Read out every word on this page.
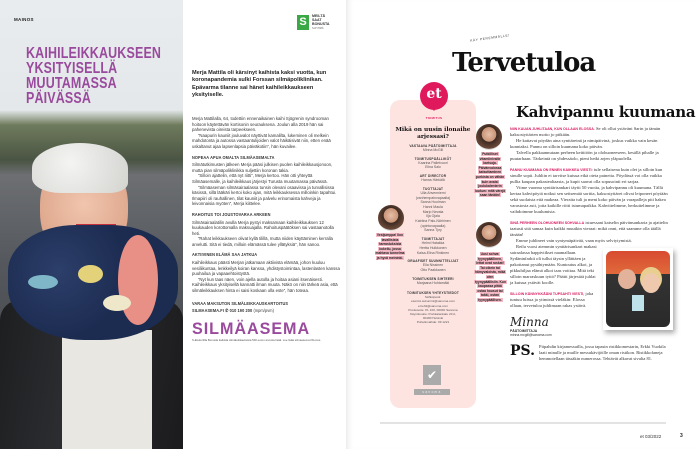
MAINOS
KAIHILEIKKAUKSEEN
YKSITYISELLÄ
MUUTAMASSA PÄIVÄSSÄ
S	MEILTÄ SAAT BONUSTA
S-RYHMÄ
Merja Mattila oli kärsinyt kaihista kaksi vuotta, kun koronapandemia sulki Forssan silmäpoliklinikan. Epävarma tilanne sai hänet kaihileikkaukseen yksityiselle.

Merja Mattilalla, 64, todettiin ennenaikainen kaihi Sjögrenin syndrooman hoitoon käytettävän kortisonin seurauksena. Joulun alla 2019 hän sai pahenevista oireista tarpeekseen.

”Naapurin kauniit jouluvalot näyttivät kamalilta, lukeminen oli melkein mahdotonta ja autossa vastaantulijoiden valot häikäisivät niin, etten enää uskaltanut ajaa lapsenlapsia päiväkotiin”, hän kuvailee.

NOPEAA APUA OMALTA SILMÄASEMALTA

Silmätutkimusten jälkeen Merja pääsi julkisen puolen kaihileikkausjonoon, mutta pian silmäpoliklinikka suljettiin koronan takia.

”Silloin ajattelin, että nyt riitti”, Merja kertoo. Hän otti yhteyttä Silmäasemalle, ja kaihileikkaus järjestyi Turusta muutamassa päivässä.

”Silmäaseman silmäsairaalassa tunsin olevani osaavissa ja turvallisissa käsissä, sillä lääkäri kertoi koko ajan, mitä leikkauksessa milloinkin tapahtui. Ilmapiiri oli rauhallinen, tilat kauniit ja palvelu erinomaista kahveja ja leivonnaisia myöten”, Merja kiittelee.

RAHOITUS TOI JOUSTOVARAA ARKEEN

Silmäsairaalatilin avulla Merja pystyi maksamaan kaihileikkauksen 12 kuukauden korottomalla maksuajalla. Rahoituspäätöksen sai vastaanotolla heti.

”Rahat leikkaukseen olivat kyllä tilillä, mutta niiden käyttäminen kerralla arvelutti. Sitä ei tiedä, milloin elämässä tulee yllätyksiä”, hän sanoo.

AKTIIVINEN ELÄMÄ SAA JATKUA

Kaihileikkaus päästi Merjan jatkamaan aktiivista elämää, johon kuuluu vesiliikuntaa, lenkkeilyä koiran kanssa, yhdistystoimintaa, lastenlasten kanssa puuhailua ja vapaaehtoistyötä.

”Nyt kun taas näen, voin ajella autolla ja hoitaa asiani itsenäisesti. Kaihileikkaus yksityisellä kannatti ilman muuta. Näkö on niin tärkeä asia, että silmäleikkauksen hinta ei saisi koskaan olla este”, hän toteaa.

VARAA MAKSUTON SILMÄLEIKKAUSKARTOITUS
SILMAASEMA.FI ✆ 010 190 200 (mpm/pvm)
SILMÄASEMA
S-Etukortilla Bonusta kaikista silmäleikkauksista 500 euron arvosta lisää. Lue lisää silmaasema.fi/bonus.
KÄY PEREMMÄLLE!
Tervetuloa
et
TOIMITUS
Mikä on uusin ilonaihe arjessasi?
VASTAAVA PÄÄTOIMITTAJA
Minna McGill
TOIMITUSPÄÄLLIKÖT
Kaarina Palletvuori
Elina Salo
ART DIRECTOR
Hanna Härkälä
TUOTTAJAT
Ulla Ahvenniemi
(vanhempainvapaalla)
Sanna Huolman
Hanni Maula
Marjo Nevala
Ilja Ojala
Katriina Palo-Närhinen
(opintovapaalla)
Sanna Tyry
TOIMITTAJAT
Helmi Hatakka
Hertta Hulkkonen
Kaisa-Elina Rinkinen
GRAAFISET SUUNNITTELIJAT
Ella Nissinen
Otto Paakkanen
TOIMITUKSEN SIHTEERI
Marjaana Huhtamäki
TOIMITUKSEN YHTEYSTIEDOT
Sähköposti:
etunimi.sukunimi@sanoma.com
et.lehti@sanoma.com
Postiosoite: PL 100, 00040 Sanoma
Käyntiosoite: Porkkalankatu 20 A,
00180 Helsinki
Puhelinvaihde: 09 1221
✔
sanoma
Putkilliset vitamiinivalle kartsoja. Päivänvalossa katsottaminen purkista on vähän kuin avaisi joulukalenterin luukun: mitä värejä saan tänään!
Vesijumppa! Ilon tavallisista harrastuksista kokeilu, jossa mahtava tunnelma ja hyvä meininki.
Uusi sohva: tyynypäällinen, lettat ovat ruskat! Tai oikein tai hämyvaloista, mikä olen tyynypäällisiin. Kun kaupassa pitää ostaa housut tai takki, ostan tyynypäällisen.
Kahvipannu kuumana

NIIN KAUAN JUHLITAAN, KUN OLLAAN ELOSSA. Se oli ollut ystäväni Sarin ja tämän kaksostyttärten motto jo pitkään.

He kattavat pöydän aina synttäreinä ja nimipäivinä, joskus vaikka vain kesän kunniaksi. Pannu on silloin kuumana koko päivän.

Talvella pakkaannutaan perheen keittiöön ja olohuoneeseen, kesällä pihalle ja puutarhaan. Tärkeintä on yhdessäolo, pieni hetki arjen yläpuolella.

PANNU KUUMANA ON ENNEN KAIKKEA VIESTI: tule sellaisena kuin olet ja silloin kun sinulle sopii. Juhliin ei tarvitse kutsua eikä oteta paineita. Pöydässä voi olla vaikka pullia kaupan pakastealtaasta, ja kupit saavat olla sopusointi eri sarjaa.

Viime vuonna synttärisankari täytti 50 vuotta, ja kahvipannu oli kuumana. Tällä kertaa kahvipöytä notkui sen seitsemää sorttia, kaksostyttäret olivat leiponeet pöytään sekä suolaista että makeaa. Vieraita tuli ja meni koko päivän ja varapalleja piti hakea varastosta asti, jotta kaikille riitti istumapaikka. Kahvittelimme, herkuttelimme ja vaihdoimme kuulumisia.

SINÄ PERHEEN OLOHUONEEN SOHVALLA istuessani katselin päivänsankaria ja ajattelin taatusti sitä samaa kuin kaikki muutkin vieraat: mikä onni, että saamme olla täällä tänään!

Emme juhlineet vain syntymäpäivää, vaan myös selviytymistä.

Reilu vuosi aiemmin synttärisankari makasi sairaalassa happiviikset naamallaan. Sydäninfarkti oli tullut täysin yllättäen ja pakottanut pysähtymään. Kuntoutus alkoi, ja pikkuhiljaa elämä alkoi taas voittaa. Mitä teki silloin marraskuun tyttö? Päätti järjestää juhlat ja kutsua ystävät koolle.

SILLOIN KÄNNYKKÄÄNI TUPSAHTI VIESTI, joka tuntuu luissa ja ytimissä vieläkin: Elossa ollaan, tervetuloa juhlimaan rakas ystävä.

Minna
PÄÄTOIMITTAJA
minna.mcgill@sanoma.com
PS. Piipahdin kirjamessuilla, jossa tapasin ristikkomestarin, Erkki Vuokila laati minulle ja muille messukävijöille oman ristikon. Ristikkofaneja hemmotellaan tässäkin numerossa. Tehtävät alkavat sivulta 81.
et 03/2022	3
